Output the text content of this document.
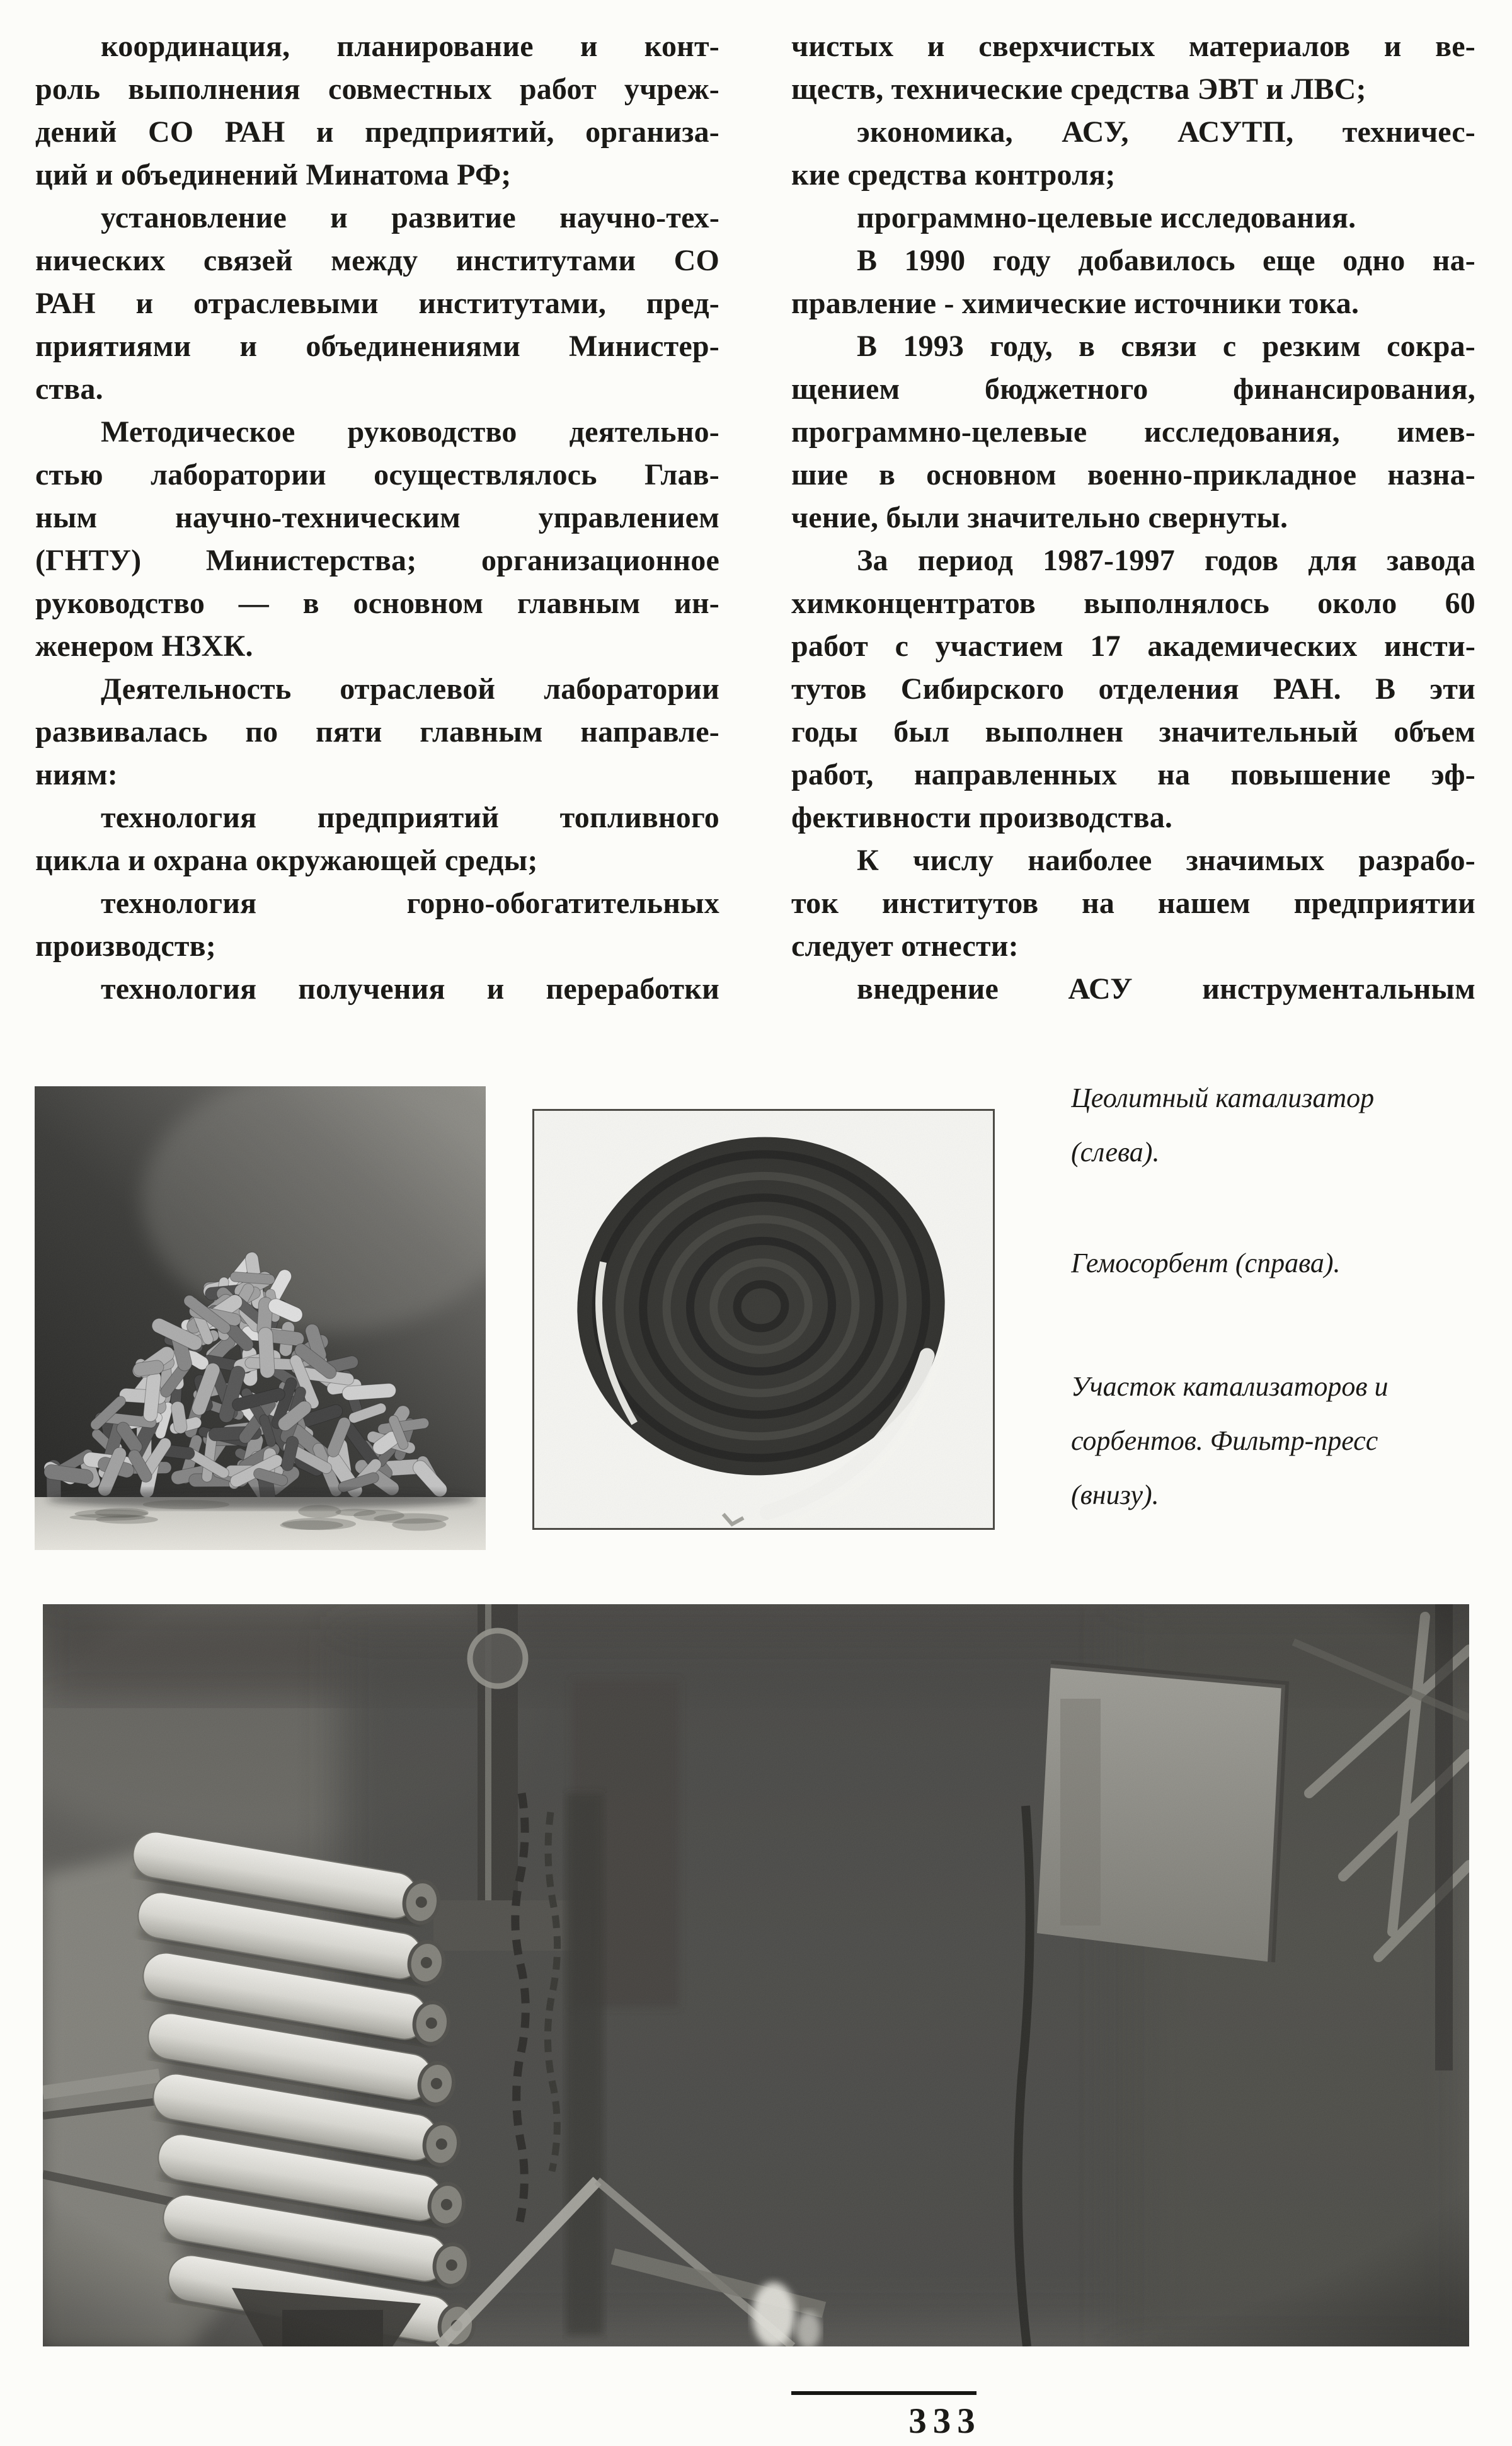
координация, планирование и конт-
роль выполнения совместных работ учреж-
дений СО РАН и предприятий, организа-
ций и объединений Минатома РФ;
установление и развитие научно-тех-
нических связей между институтами СО
РАН и отраслевыми институтами, пред-
приятиями и объединениями Министер-
ства.
Методическое руководство деятельно-
стью лаборатории осуществлялось Глав-
ным научно-техническим управлением
(ГНТУ) Министерства; организационное
руководство — в основном главным ин-
женером НЗХК.
Деятельность отраслевой лаборатории
развивалась по пяти главным направле-
ниям:
технология предприятий топливного
цикла и охрана окружающей среды;
технология горно-обогатительных
производств;
технология получения и переработки
чистых и сверхчистых материалов и ве-
ществ, технические средства ЭВТ и ЛВС;
экономика, АСУ, АСУТП, техничес-
кие средства контроля;
программно-целевые исследования.
В 1990 году добавилось еще одно на-
правление - химические источники тока.
В 1993 году, в связи с резким сокра-
щением бюджетного финансирования,
программно-целевые исследования, имев-
шие в основном военно-прикладное назна-
чение, были значительно свернуты.
За период 1987-1997 годов для завода
химконцентратов выполнялось около 60
работ с участием 17 академических инсти-
тутов Сибирского отделения РАН. В эти
годы был выполнен значительный объем
работ, направленных на повышение эф-
фективности производства.
К числу наиболее значимых разрабо-
ток институтов на нашем предприятии
следует отнести:
внедрение АСУ инструментальным
Цеолитный катализатор
(слева).
Гемосорбент (справа).
Участок катализаторов и
сорбентов. Фильтр-пресс
(внизу).
333
